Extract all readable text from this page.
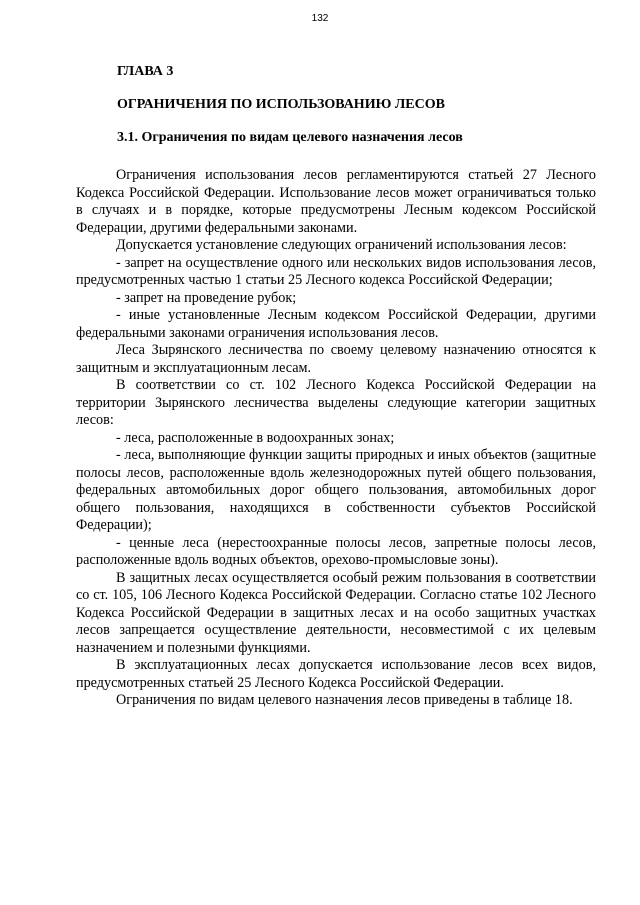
132
ГЛАВА 3
ОГРАНИЧЕНИЯ ПО ИСПОЛЬЗОВАНИЮ ЛЕСОВ
3.1. Ограничения по видам целевого назначения лесов

Ограничения использования лесов регламентируются статьей 27 Лесного Кодекса Российской Федерации. Использование лесов может ограничиваться только в случаях и в порядке, которые предусмотрены Лесным кодексом Российской Федерации, другими федеральными законами.

Допускается установление следующих ограничений использования лесов:

- запрет на осуществление одного или нескольких видов использования лесов, предусмотренных частью 1 статьи 25 Лесного кодекса Российской Федерации;

- запрет на проведение рубок;

- иные установленные Лесным кодексом Российской Федерации, другими федеральными законами ограничения использования лесов.

Леса Зырянского лесничества по своему целевому назначению относятся к защитным и эксплуатационным лесам.

В соответствии со ст. 102 Лесного Кодекса Российской Федерации на территории Зырянского лесничества выделены следующие категории защитных лесов:

- леса, расположенные в водоохранных зонах;

- леса, выполняющие функции защиты природных и иных объектов (защитные полосы лесов, расположенные вдоль железнодорожных путей общего пользования, федеральных автомобильных дорог общего пользования, автомобильных дорог общего пользования, находящихся в собственности субъектов Российской Федерации);

- ценные леса (нерестоохранные полосы лесов, запретные полосы лесов, расположенные вдоль водных объектов, орехово-промысловые зоны).

В защитных лесах осуществляется особый режим пользования в соответствии со ст. 105, 106 Лесного Кодекса Российской Федерации. Согласно статье 102 Лесного Кодекса Российской Федерации в защитных лесах и на особо защитных участках лесов запрещается осуществление деятельности, несовместимой с их целевым назначением и полезными функциями.

В эксплуатационных лесах допускается использование лесов всех видов, предусмотренных статьей 25 Лесного Кодекса Российской Федерации.

Ограничения по видам целевого назначения лесов приведены в таблице 18.
